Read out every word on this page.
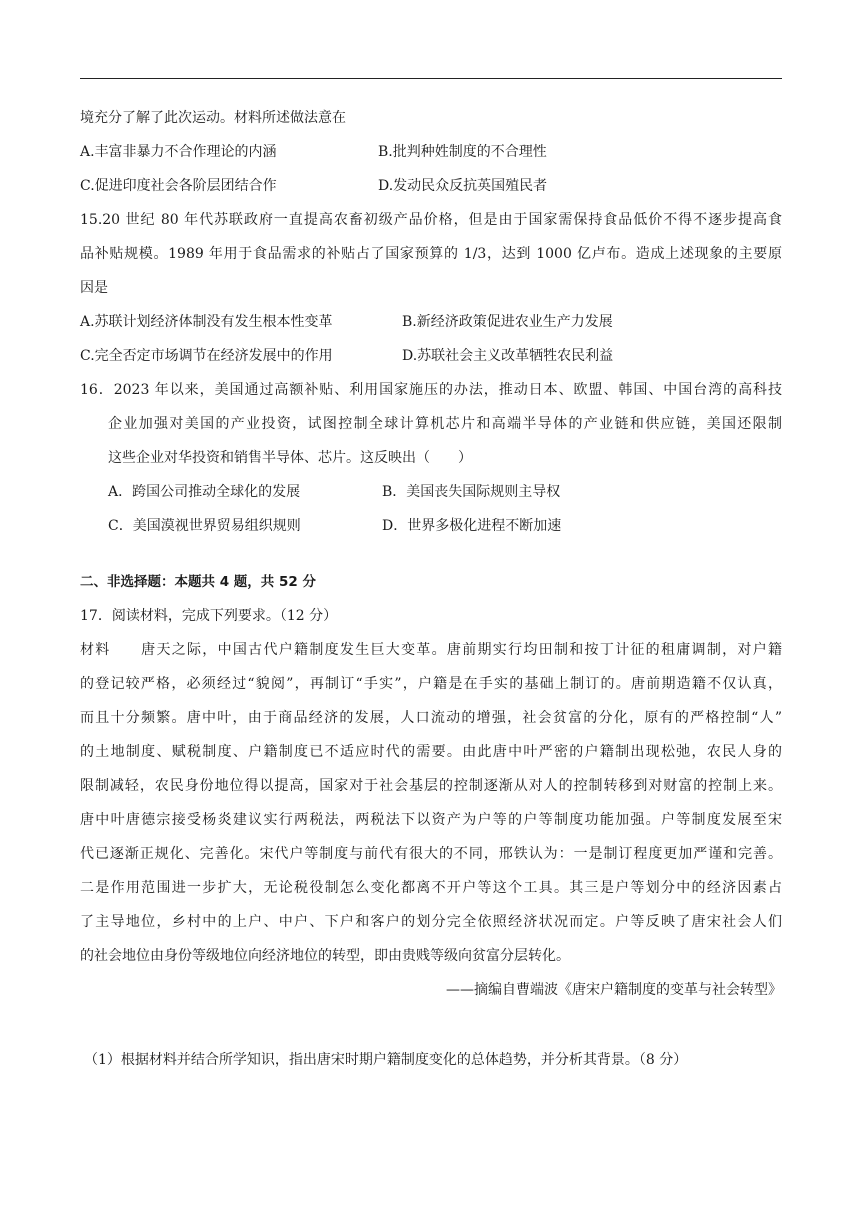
境充分了解了此次运动。材料所述做法意在
A.丰富非暴力不合作理论的内涵	B.批判种姓制度的不合理性
C.促进印度社会各阶层团结合作	D.发动民众反抗英国殖民者
15.20 世纪 80 年代苏联政府一直提高农畜初级产品价格，但是由于国家需保持食品低价不得不逐步提高食
品补贴规模。1989 年用于食品需求的补贴占了国家预算的 1/3，达到 1000 亿卢布。造成上述现象的主要原
因是
A.苏联计划经济体制没有发生根本性变革	B.新经济政策促进农业生产力发展
C.完全否定市场调节在经济发展中的作用	D.苏联社会主义改革牺牲农民利益
16．2023 年以来，美国通过高额补贴、利用国家施压的办法，推动日本、欧盟、韩国、中国台湾的高科技
企业加强对美国的产业投资，试图控制全球计算机芯片和高端半导体的产业链和供应链，美国还限制
这些企业对华投资和销售半导体、芯片。这反映出（　　）
A．跨国公司推动全球化的发展	B．美国丧失国际规则主导权
C．美国漠视世界贸易组织规则	D．世界多极化进程不断加速
二、非选择题：本题共 4 题，共 52 分
17．阅读材料，完成下列要求。（12 分）
材料　　唐天之际，中国古代户籍制度发生巨大变革。唐前期实行均田制和按丁计征的租庸调制，对户籍
的登记较严格，必须经过“貌阅”，再制订“手实”，户籍是在手实的基础上制订的。唐前期造籍不仅认真，
而且十分频繁。唐中叶，由于商品经济的发展，人口流动的增强，社会贫富的分化，原有的严格控制“人”
的土地制度、赋税制度、户籍制度已不适应时代的需要。由此唐中叶严密的户籍制出现松弛，农民人身的
限制减轻，农民身份地位得以提高，国家对于社会基层的控制逐渐从对人的控制转移到对财富的控制上来。
唐中叶唐德宗接受杨炎建议实行两税法，两税法下以资产为户等的户等制度功能加强。户等制度发展至宋
代已逐渐正规化、完善化。宋代户等制度与前代有很大的不同，邢铁认为：一是制订程度更加严谨和完善。
二是作用范围进一步扩大，无论税役制怎么变化都离不开户等这个工具。其三是户等划分中的经济因素占
了主导地位，乡村中的上户、中户、下户和客户的划分完全依照经济状况而定。户等反映了唐宋社会人们
的社会地位由身份等级地位向经济地位的转型，即由贵贱等级向贫富分层转化。
——摘编自曹端波《唐宋户籍制度的变革与社会转型》
（1）根据材料并结合所学知识，指出唐宋时期户籍制度变化的总体趋势，并分析其背景。（8 分）
